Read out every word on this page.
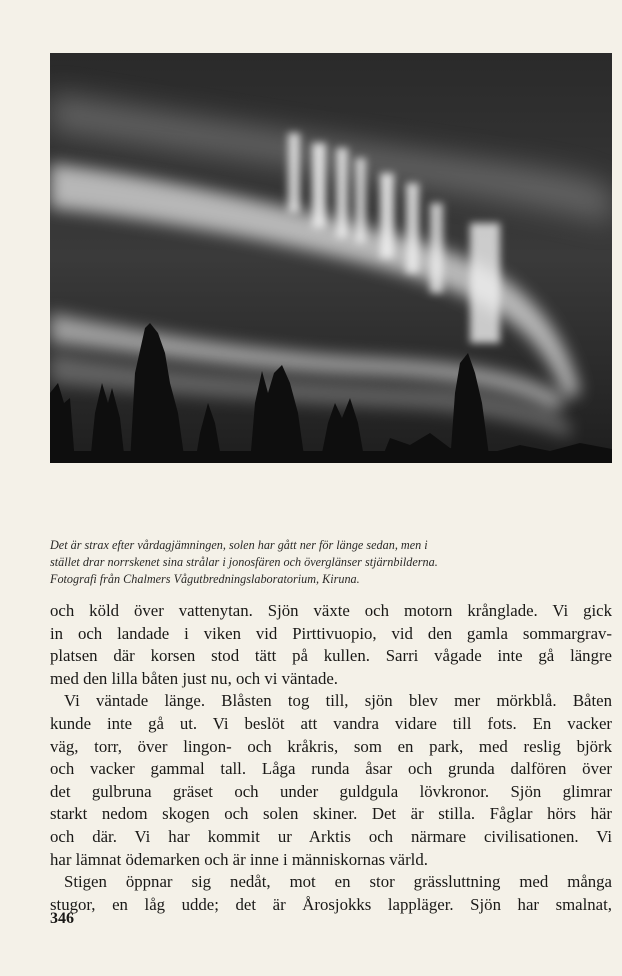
Det är strax efter vårdagjämningen, solen har gått ner för länge sedan, men i

stället drar norrskenet sina strålar i jonosfären och överglänser stjärnbilderna.

Fotografi från Chalmers Vågutbredningslaboratorium, Kiruna.

och köld över vattenytan. Sjön växte och motorn krånglade. Vi gick
in och landade i viken vid Pirttivuopio, vid den gamla sommargrav-
platsen där korsen stod tätt på kullen. Sarri vågade inte gå längre
med den lilla båten just nu, och vi väntade.

Vi väntade länge. Blåsten tog till, sjön blev mer mörkblå. Båten
kunde inte gå ut. Vi beslöt att vandra vidare till fots. En vacker
väg, torr, över lingon- och kråkris, som en park, med reslig björk
och vacker gammal tall. Låga runda åsar och grunda dalfören över
det gulbruna gräset och under guldgula lövkronor. Sjön glimrar
starkt nedom skogen och solen skiner. Det är stilla. Fåglar hörs här
och där. Vi har kommit ur Arktis och närmare civilisationen. Vi
har lämnat ödemarken och är inne i människornas värld.

Stigen öppnar sig nedåt, mot en stor grässluttning med många
stugor, en låg udde; det är Årosjokks lappläger. Sjön har smalnat,

346
